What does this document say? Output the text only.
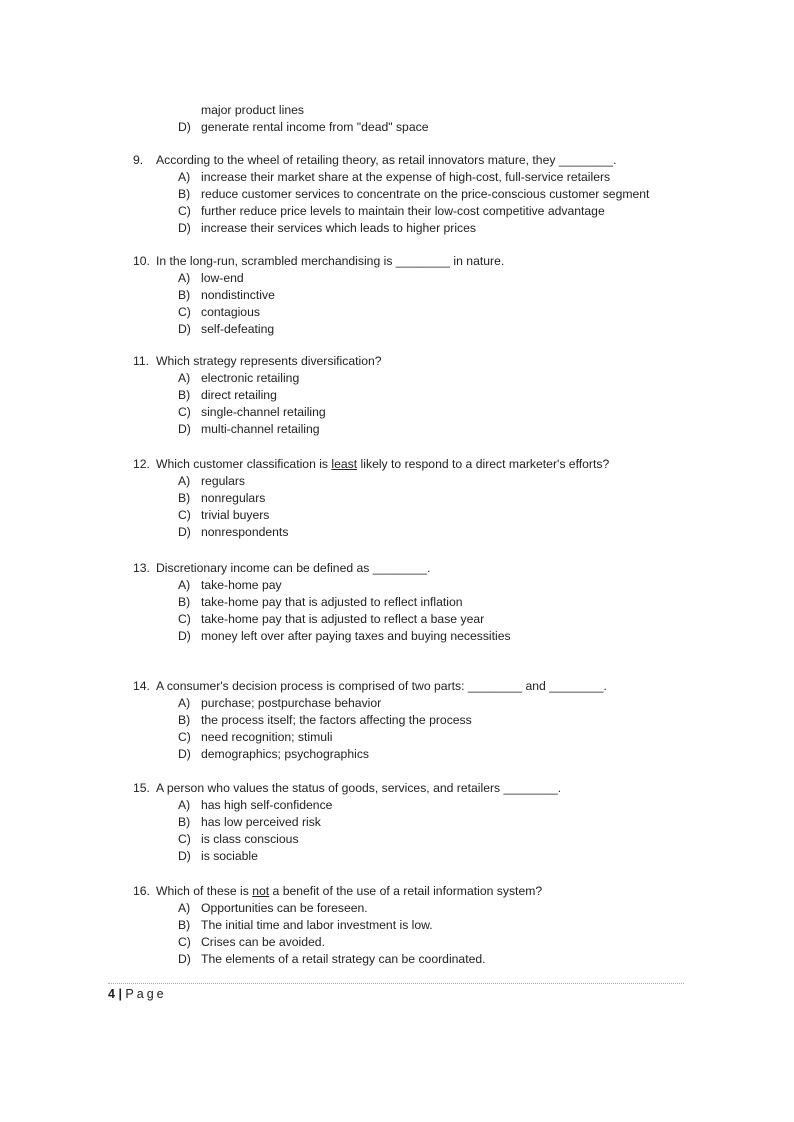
major product lines
D) generate rental income from "dead" space
9. According to the wheel of retailing theory, as retail innovators mature, they ________.
A) increase their market share at the expense of high-cost, full-service retailers
B) reduce customer services to concentrate on the price-conscious customer segment
C) further reduce price levels to maintain their low-cost competitive advantage
D) increase their services which leads to higher prices
10. In the long-run, scrambled merchandising is ________ in nature.
A) low-end
B) nondistinctive
C) contagious
D) self-defeating
11. Which strategy represents diversification?
A) electronic retailing
B) direct retailing
C) single-channel retailing
D) multi-channel retailing
12. Which customer classification is least likely to respond to a direct marketer's efforts?
A) regulars
B) nonregulars
C) trivial buyers
D) nonrespondents
13. Discretionary income can be defined as ________.
A) take-home pay
B) take-home pay that is adjusted to reflect inflation
C) take-home pay that is adjusted to reflect a base year
D) money left over after paying taxes and buying necessities
14. A consumer's decision process is comprised of two parts: ________ and ________.
A) purchase; postpurchase behavior
B) the process itself; the factors affecting the process
C) need recognition; stimuli
D) demographics; psychographics
15. A person who values the status of goods, services, and retailers ________.
A) has high self-confidence
B) has low perceived risk
C) is class conscious
D) is sociable
16. Which of these is not a benefit of the use of a retail information system?
A) Opportunities can be foreseen.
B) The initial time and labor investment is low.
C) Crises can be avoided.
D) The elements of a retail strategy can be coordinated.
4 | Page
